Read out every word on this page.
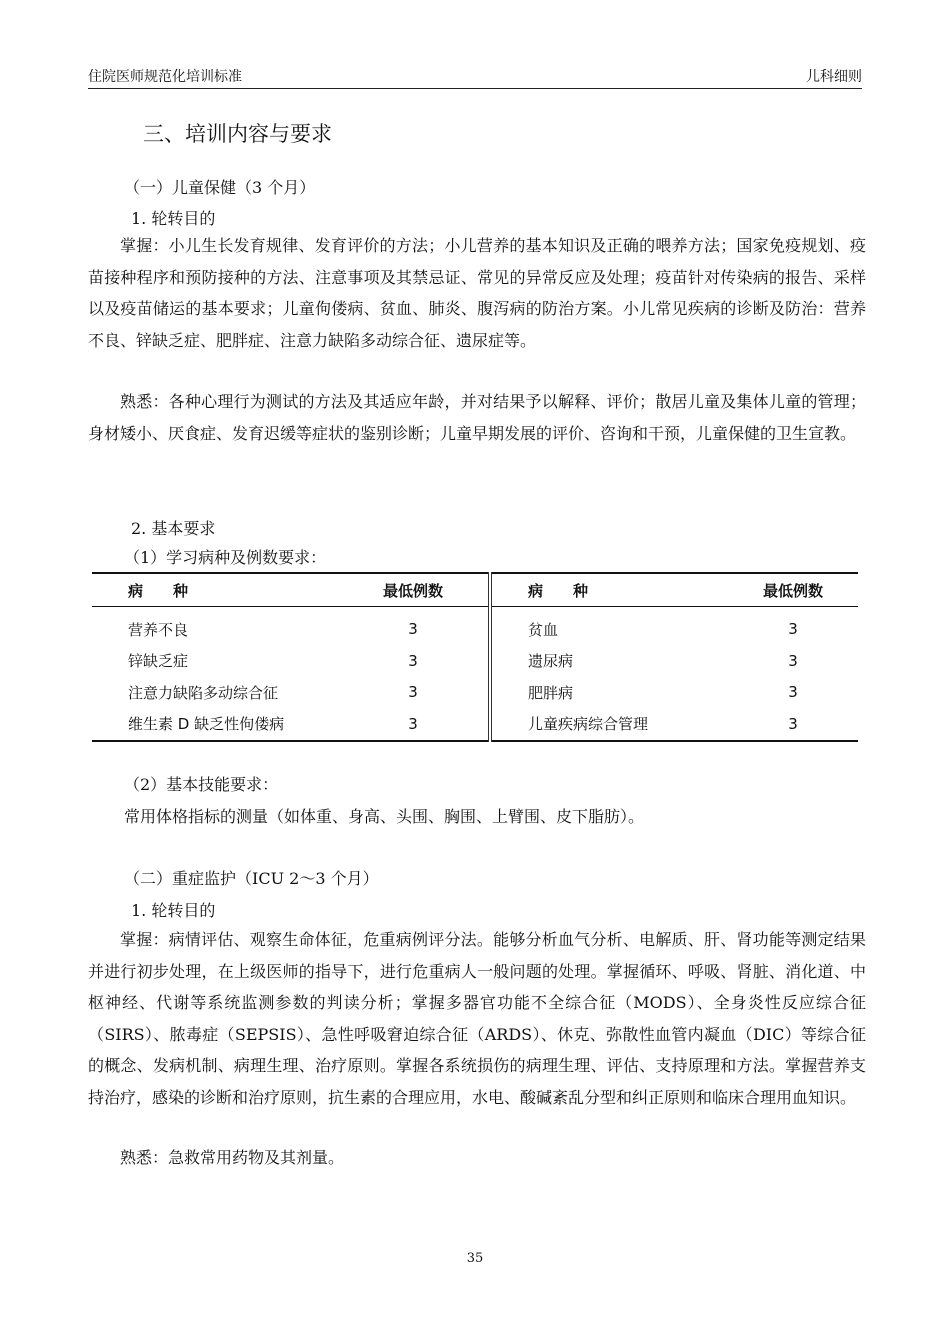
住院医师规范化培训标准	儿科细则
三、培训内容与要求
（一）儿童保健（3 个月）
1. 轮转目的
掌握：小儿生长发育规律、发育评价的方法；小儿营养的基本知识及正确的喂养方法；国家免疫规划、疫苗接种程序和预防接种的方法、注意事项及其禁忌证、常见的异常反应及处理；疫苗针对传染病的报告、采样以及疫苗储运的基本要求；儿童佝偻病、贫血、肺炎、腹泻病的防治方案。小儿常见疾病的诊断及防治：营养不良、锌缺乏症、肥胖症、注意力缺陷多动综合征、遗尿症等。
熟悉：各种心理行为测试的方法及其适应年龄，并对结果予以解释、评价；散居儿童及集体儿童的管理；身材矮小、厌食症、发育迟缓等症状的鉴别诊断；儿童早期发展的评价、咨询和干预，儿童保健的卫生宣教。
2. 基本要求
（1）学习病种及例数要求：
病　　种	最低例数	病　　种	最低例数
营养不良	3	贫血	3
锌缺乏症	3	遗尿病	3
注意力缺陷多动综合征	3	肥胖病	3
维生素 D 缺乏性佝偻病	3	儿童疾病综合管理	3
（2）基本技能要求：
常用体格指标的测量（如体重、身高、头围、胸围、上臂围、皮下脂肪）。
（二）重症监护（ICU 2～3 个月）
1. 轮转目的
掌握：病情评估、观察生命体征，危重病例评分法。能够分析血气分析、电解质、肝、肾功能等测定结果并进行初步处理，在上级医师的指导下，进行危重病人一般问题的处理。掌握循环、呼吸、肾脏、消化道、中枢神经、代谢等系统监测参数的判读分析；掌握多器官功能不全综合征（MODS）、全身炎性反应综合征（SIRS）、脓毒症（SEPSIS）、急性呼吸窘迫综合征（ARDS）、休克、弥散性血管内凝血（DIC）等综合征的概念、发病机制、病理生理、治疗原则。掌握各系统损伤的病理生理、评估、支持原理和方法。掌握营养支持治疗，感染的诊断和治疗原则，抗生素的合理应用，水电、酸碱紊乱分型和纠正原则和临床合理用血知识。
熟悉：急救常用药物及其剂量。
35
